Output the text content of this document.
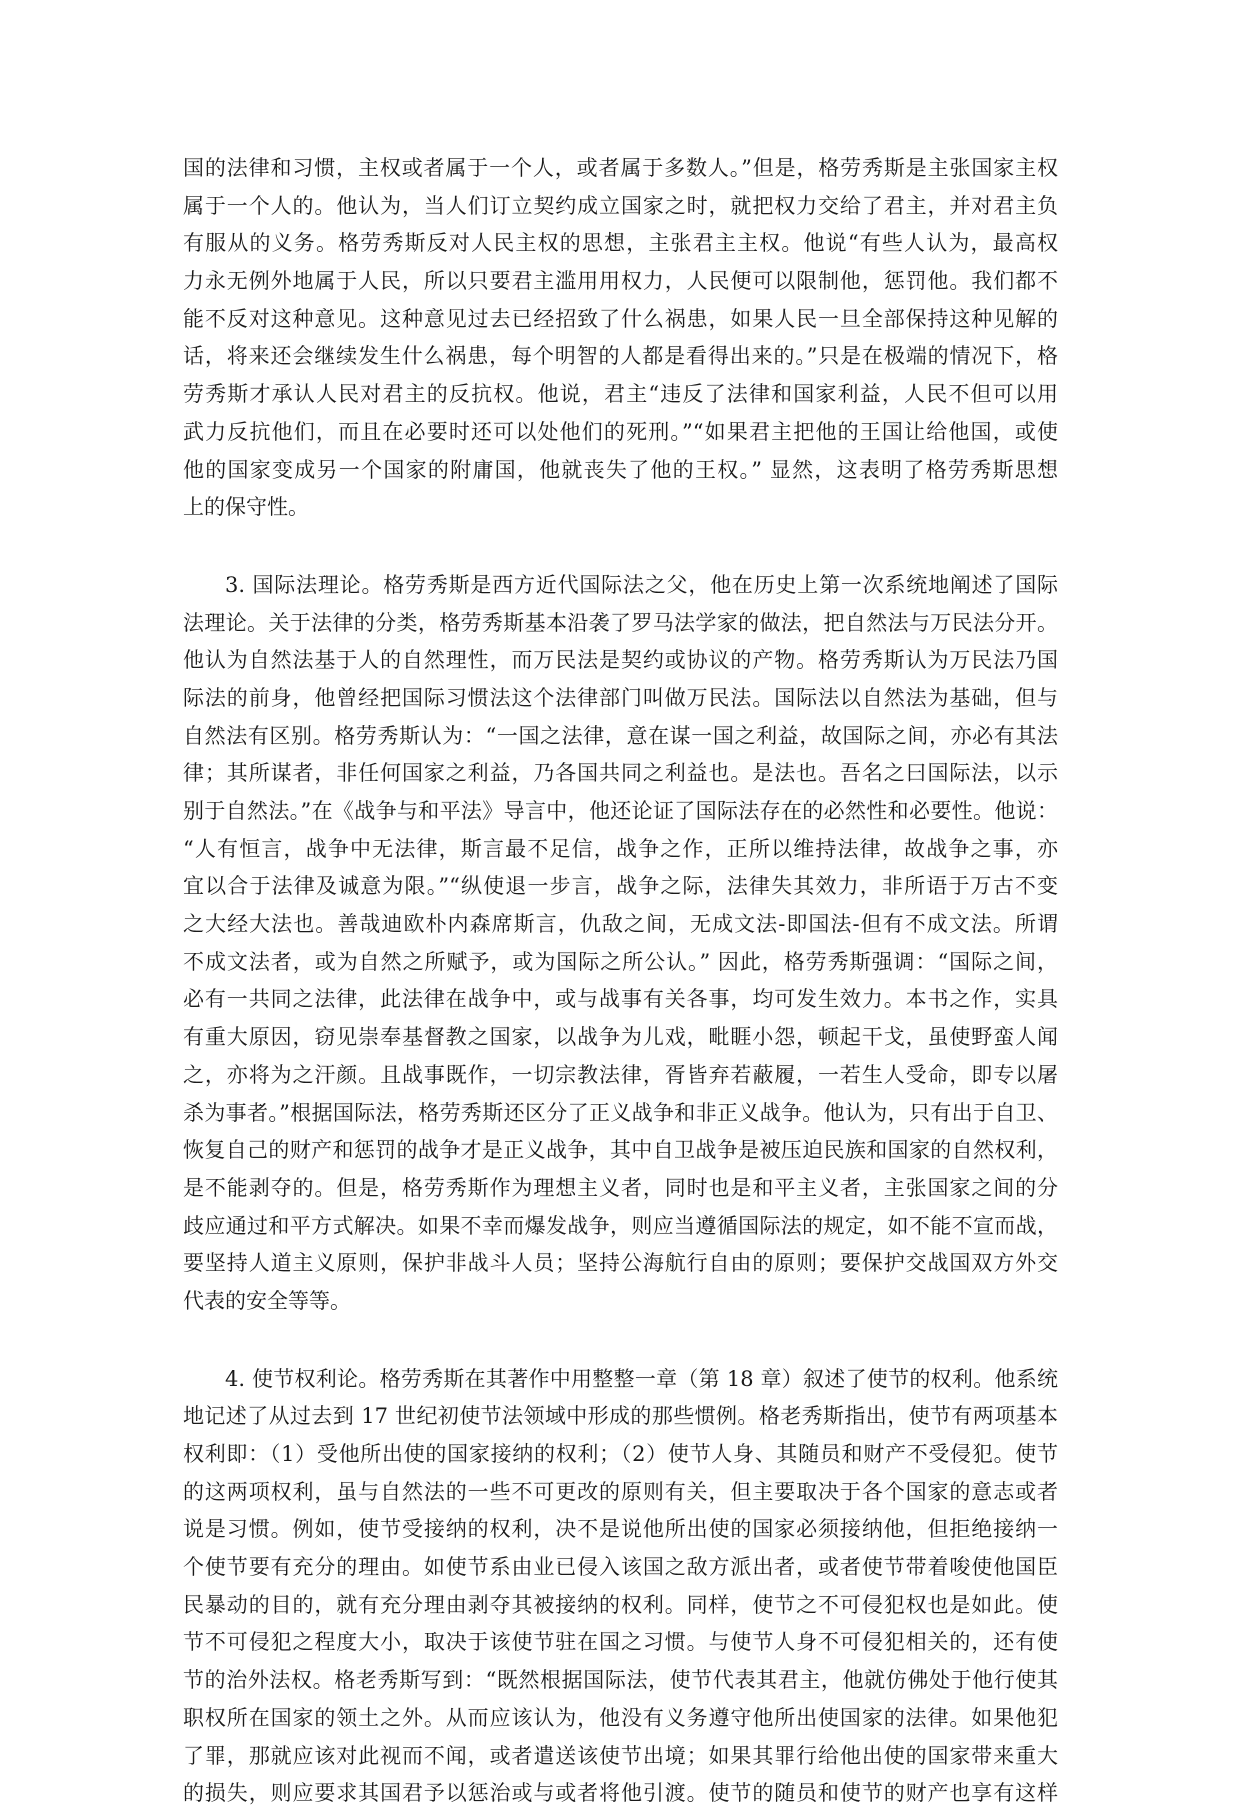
国的法律和习惯，主权或者属于一个人，或者属于多数人。”但是，格劳秀斯是主张国家主权
属于一个人的。他认为，当人们订立契约成立国家之时，就把权力交给了君主，并对君主负
有服从的义务。格劳秀斯反对人民主权的思想，主张君主主权。他说“有些人认为，最高权
力永无例外地属于人民，所以只要君主滥用用权力，人民便可以限制他，惩罚他。我们都不
能不反对这种意见。这种意见过去已经招致了什么祸患，如果人民一旦全部保持这种见解的
话，将来还会继续发生什么祸患，每个明智的人都是看得出来的。”只是在极端的情况下，格
劳秀斯才承认人民对君主的反抗权。他说，君主“违反了法律和国家利益，人民不但可以用
武力反抗他们，而且在必要时还可以处他们的死刑。”“如果君主把他的王国让给他国，或使
他的国家变成另一个国家的附庸国，他就丧失了他的王权。” 显然，这表明了格劳秀斯思想
上的保守性。
3. 国际法理论。格劳秀斯是西方近代国际法之父，他在历史上第一次系统地阐述了国际
法理论。关于法律的分类，格劳秀斯基本沿袭了罗马法学家的做法，把自然法与万民法分开。
他认为自然法基于人的自然理性，而万民法是契约或协议的产物。格劳秀斯认为万民法乃国
际法的前身，他曾经把国际习惯法这个法律部门叫做万民法。国际法以自然法为基础，但与
自然法有区别。格劳秀斯认为：“一国之法律，意在谋一国之利益，故国际之间，亦必有其法
律；其所谋者，非任何国家之利益，乃各国共同之利益也。是法也。吾名之曰国际法，以示
别于自然法。”在《战争与和平法》导言中，他还论证了国际法存在的必然性和必要性。他说：
“人有恒言，战争中无法律，斯言最不足信，战争之作，正所以维持法律，故战争之事，亦
宜以合于法律及诚意为限。”“纵使退一步言，战争之际，法律失其效力，非所语于万古不变
之大经大法也。善哉迪欧朴内森席斯言，仇敌之间，无成文法-即国法-但有不成文法。所谓
不成文法者，或为自然之所赋予，或为国际之所公认。” 因此，格劳秀斯强调：“国际之间，
必有一共同之法律，此法律在战争中，或与战事有关各事，均可发生效力。本书之作，实具
有重大原因，窃见崇奉基督教之国家，以战争为儿戏，毗睚小怨，顿起干戈，虽使野蛮人闻
之，亦将为之汗颜。且战事既作，一切宗教法律，胥皆弃若蔽履，一若生人受命，即专以屠
杀为事者。”根据国际法，格劳秀斯还区分了正义战争和非正义战争。他认为，只有出于自卫、
恢复自己的财产和惩罚的战争才是正义战争，其中自卫战争是被压迫民族和国家的自然权利，
是不能剥夺的。但是，格劳秀斯作为理想主义者，同时也是和平主义者，主张国家之间的分
歧应通过和平方式解决。如果不幸而爆发战争，则应当遵循国际法的规定，如不能不宣而战，
要坚持人道主义原则，保护非战斗人员；坚持公海航行自由的原则；要保护交战国双方外交
代表的安全等等。
4. 使节权利论。格劳秀斯在其著作中用整整一章（第 18 章）叙述了使节的权利。他系统
地记述了从过去到 17 世纪初使节法领域中形成的那些惯例。格老秀斯指出，使节有两项基本
权利即：（1）受他所出使的国家接纳的权利；（2）使节人身、其随员和财产不受侵犯。使节
的这两项权利，虽与自然法的一些不可更改的原则有关，但主要取决于各个国家的意志或者
说是习惯。例如，使节受接纳的权利，决不是说他所出使的国家必须接纳他，但拒绝接纳一
个使节要有充分的理由。如使节系由业已侵入该国之敌方派出者，或者使节带着唆使他国臣
民暴动的目的，就有充分理由剥夺其被接纳的权利。同样，使节之不可侵犯权也是如此。使
节不可侵犯之程度大小，取决于该使节驻在国之习惯。与使节人身不可侵犯相关的，还有使
节的治外法权。格老秀斯写到：“既然根据国际法，使节代表其君主，他就仿佛处于他行使其
职权所在国家的领土之外。从而应该认为，他没有义务遵守他所出使国家的法律。如果他犯
了罪，那就应该对此视而不闻，或者遣送该使节出境；如果其罪行给他出使的国家带来重大
的损失，则应要求其国君予以惩治或与或者将他引渡。使节的随员和使节的财产也享有这样
